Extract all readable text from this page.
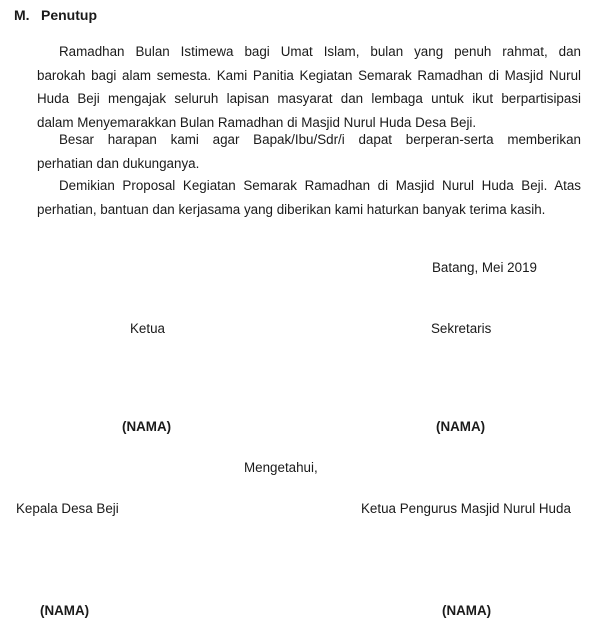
M. Penutup
Ramadhan Bulan Istimewa bagi Umat Islam, bulan yang penuh rahmat, dan
barokah bagi alam semesta. Kami Panitia Kegiatan Semarak Ramadhan di Masjid Nurul
Huda Beji mengajak seluruh lapisan masyarat dan lembaga untuk ikut berpartisipasi
dalam Menyemarakkan Bulan Ramadhan di Masjid Nurul Huda Desa Beji.
Besar harapan kami agar Bapak/Ibu/Sdr/i dapat berperan-serta memberikan
perhatian dan dukunganya.
Demikian Proposal Kegiatan Semarak Ramadhan di Masjid Nurul Huda Beji. Atas
perhatian, bantuan dan kerjasama yang diberikan kami haturkan banyak terima kasih.
Batang, Mei 2019
Ketua	Sekretaris
(NAMA)	(NAMA)
Mengetahui,
Kepala Desa Beji	Ketua Pengurus Masjid Nurul Huda
(NAMA)	(NAMA)
